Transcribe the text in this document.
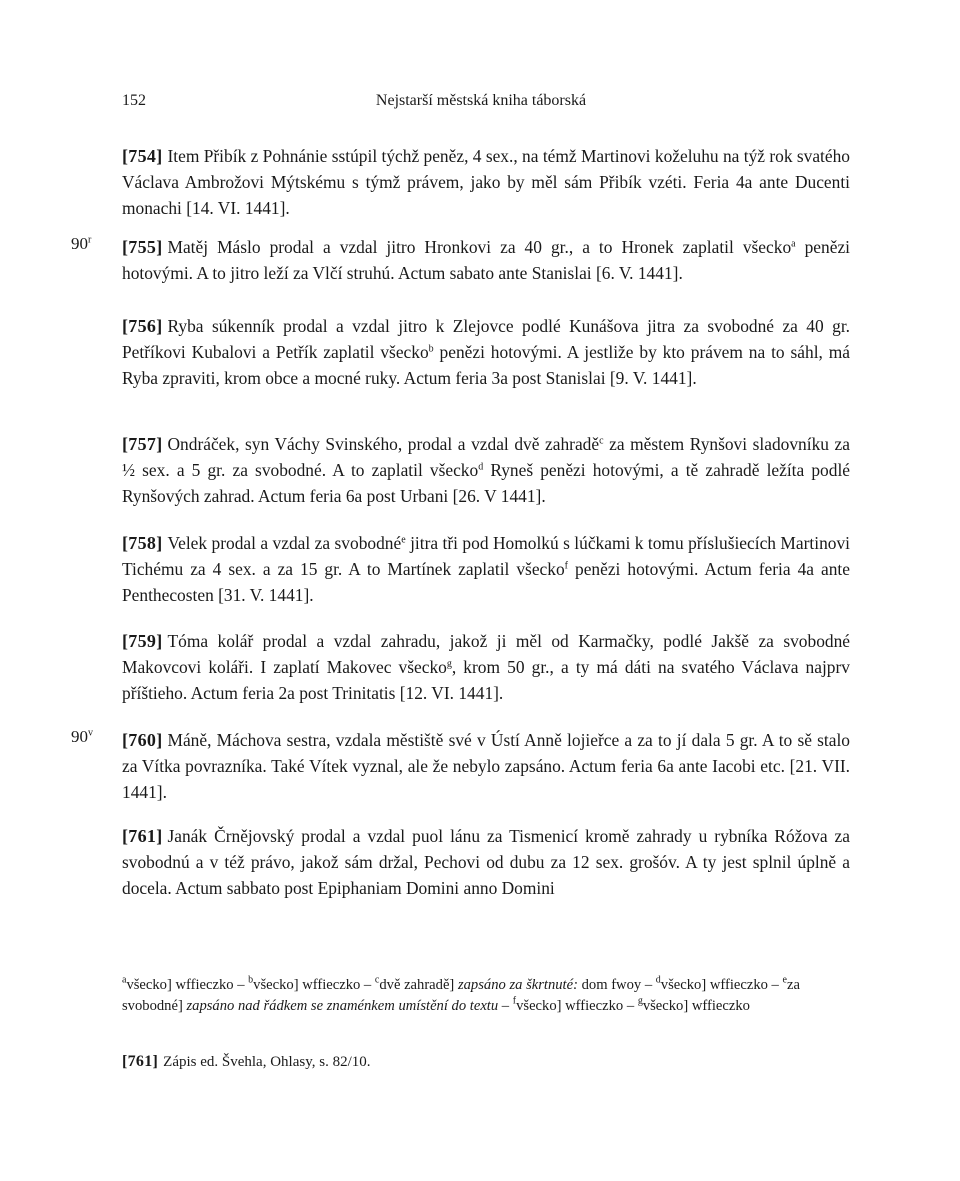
152	Nejstarší městská kniha táborská

[754] Item Přibík z Pohnánie sstúpil týchž peněz, 4 sex., na témž Martinovi koželuhu na týž rok svatého Václava Ambrožovi Mýtskému s týmž právem, jako by měl sám Přibík vzéti. Feria 4a ante Ducenti monachi [14. VI. 1441].

90$^r$ [755] Matěj Máslo prodal a vzdal jitro Hronkovi za 40 gr., a to Hronek zaplatil všecko$^a$ penězi hotovými. A to jitro leží za Vlčí struhú. Actum sabato ante Stanislai [6. V. 1441].

[756] Ryba súkenník prodal a vzdal jitro k Zlejovce podlé Kunášova jitra za svobodné za 40 gr. Petříkovi Kubalovi a Petřík zaplatil všecko$^b$ penězi hotovými. A jestliže by kto právem na to sáhl, má Ryba zpraviti, krom obce a mocné ruky. Actum feria 3a post Stanislai [9. V. 1441].

[757] Ondráček, syn Váchy Svinského, prodal a vzdal dvě zahradě$^c$ za městem Rynšovi sladovníku za ½ sex. a 5 gr. za svobodné. A to zaplatil všecko$^d$ Ryneš penězi hotovými, a tě zahradě ležíta podlé Rynšových zahrad. Actum feria 6a post Urbani [26. V 1441].

[758] Velek prodal a vzdal za svobodné$^e$ jitra tři pod Homolkú s lúčkami k tomu příslušiecích Martinovi Tichému za 4 sex. a za 15 gr. A to Martínek zaplatil všecko$^f$ penězi hotovými. Actum feria 4a ante Penthecosten [31. V. 1441].

[759] Tóma kolář prodal a vzdal zahradu, jakož ji měl od Karmačky, podlé Jakšě za svobodné Makovcovi koláři. I zaplatí Makovec všecko$^g$, krom 50 gr., a ty má dáti na svatého Václava najprv příštieho. Actum feria 2a post Trinitatis [12. VI. 1441].

90$^v$ [760] Máně, Máchova sestra, vzdala městiště své v Ústí Anně lojieřce a za to jí dala 5 gr. A to sě stalo za Vítka povrazníka. Také Vítek vyznal, ale že nebylo zapsáno. Actum feria 6a ante Iacobi etc. [21. VII. 1441].

[761] Janák Črnějovský prodal a vzdal puol lánu za Tismenicí kromě zahrady u rybníka Róžova za svobodnú a v též právo, jakož sám držal, Pechovi od dubu za 12 sex. grošóv. A ty jest splnil úplně a docela. Actum sabbato post Epiphaniam Domini anno Domini

$^a$všecko] wffieczko – $^b$všecko] wffieczko – $^c$dvě zahradě] zapsáno za škrtnuté: dom fwoy – $^d$všecko] wffieczko – $^e$za svobodné] zapsáno nad řádkem se znaménkem umístění do textu – $^f$všecko] wffieczko – $^g$všecko] wffieczko

[761] Zápis ed. Švehla, Ohlasy, s. 82/10.
